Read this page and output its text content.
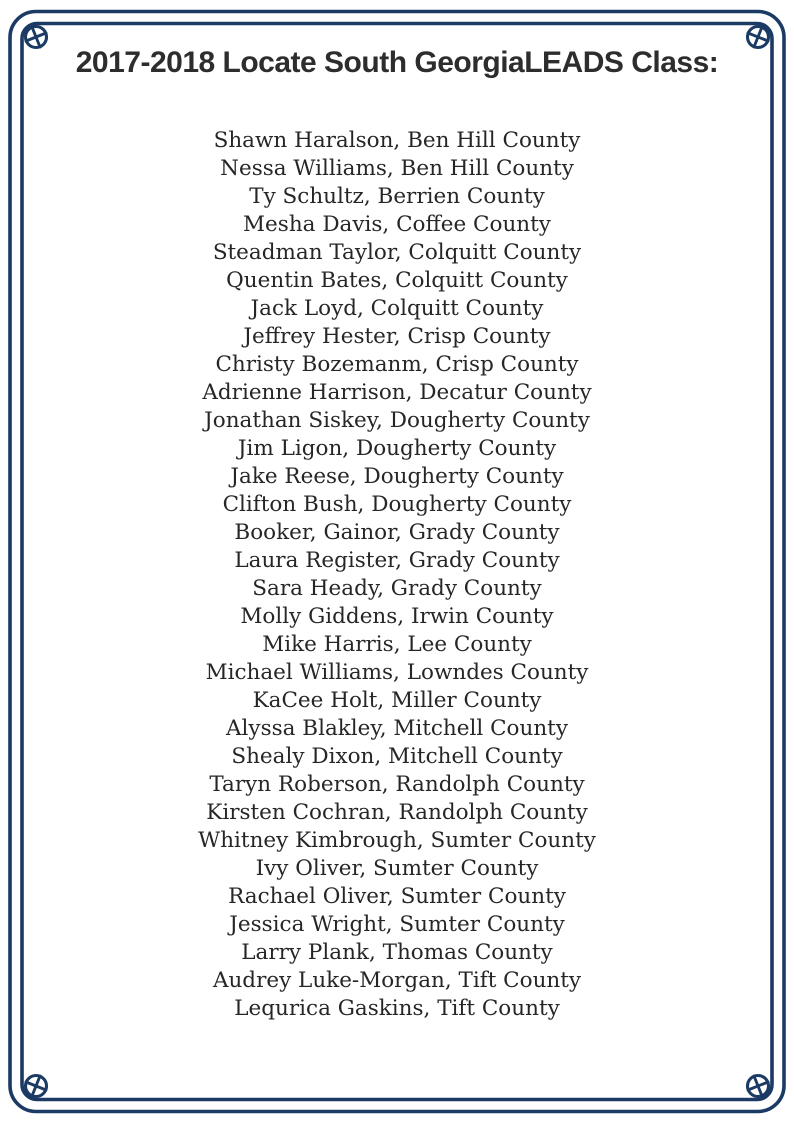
2017-2018 Locate South GeorgiaLEADS Class:
Shawn Haralson, Ben Hill County
Nessa Williams, Ben Hill County
Ty Schultz, Berrien County
Mesha Davis, Coffee County
Steadman Taylor, Colquitt County
Quentin Bates, Colquitt County
Jack Loyd, Colquitt County
Jeffrey Hester, Crisp County
Christy Bozemanm, Crisp County
Adrienne Harrison, Decatur County
Jonathan Siskey, Dougherty County
Jim Ligon, Dougherty County
Jake Reese, Dougherty County
Clifton Bush, Dougherty County
Booker, Gainor, Grady County
Laura Register, Grady County
Sara Heady, Grady County
Molly Giddens, Irwin County
Mike Harris, Lee County
Michael Williams, Lowndes County
KaCee Holt, Miller County
Alyssa Blakley, Mitchell County
Shealy Dixon, Mitchell County
Taryn Roberson, Randolph County
Kirsten Cochran, Randolph County
Whitney Kimbrough, Sumter County
Ivy Oliver, Sumter County
Rachael Oliver, Sumter County
Jessica Wright, Sumter County
Larry Plank, Thomas County
Audrey Luke-Morgan, Tift County
Lequrica Gaskins, Tift County
